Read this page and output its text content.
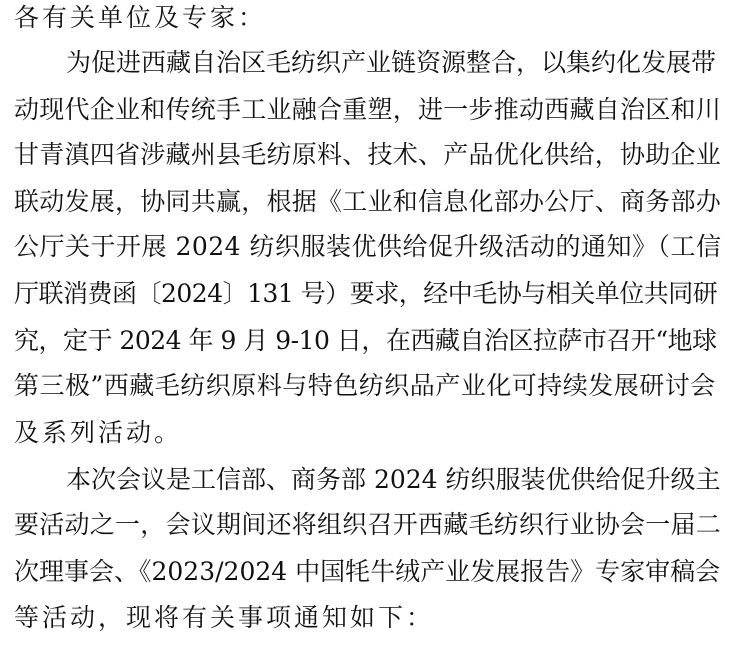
各有关单位及专家：
为促进西藏自治区毛纺织产业链资源整合，以集约化发展带
动现代企业和传统手工业融合重塑，进一步推动西藏自治区和川
甘青滇四省涉藏州县毛纺原料、技术、产品优化供给，协助企业
联动发展，协同共赢，根据《工业和信息化部办公厅、商务部办
公厅关于开展 2024 纺织服装优供给促升级活动的通知》（工信
厅联消费函〔2024〕131 号）要求，经中毛协与相关单位共同研
究，定于 2024 年 9 月 9-10 日，在西藏自治区拉萨市召开“地球
第三极”西藏毛纺织原料与特色纺织品产业化可持续发展研讨会
及系列活动。
本次会议是工信部、商务部 2024 纺织服装优供给促升级主
要活动之一，会议期间还将组织召开西藏毛纺织行业协会一届二
次理事会、《2023/2024 中国牦牛绒产业发展报告》专家审稿会
等活动，现将有关事项通知如下：
